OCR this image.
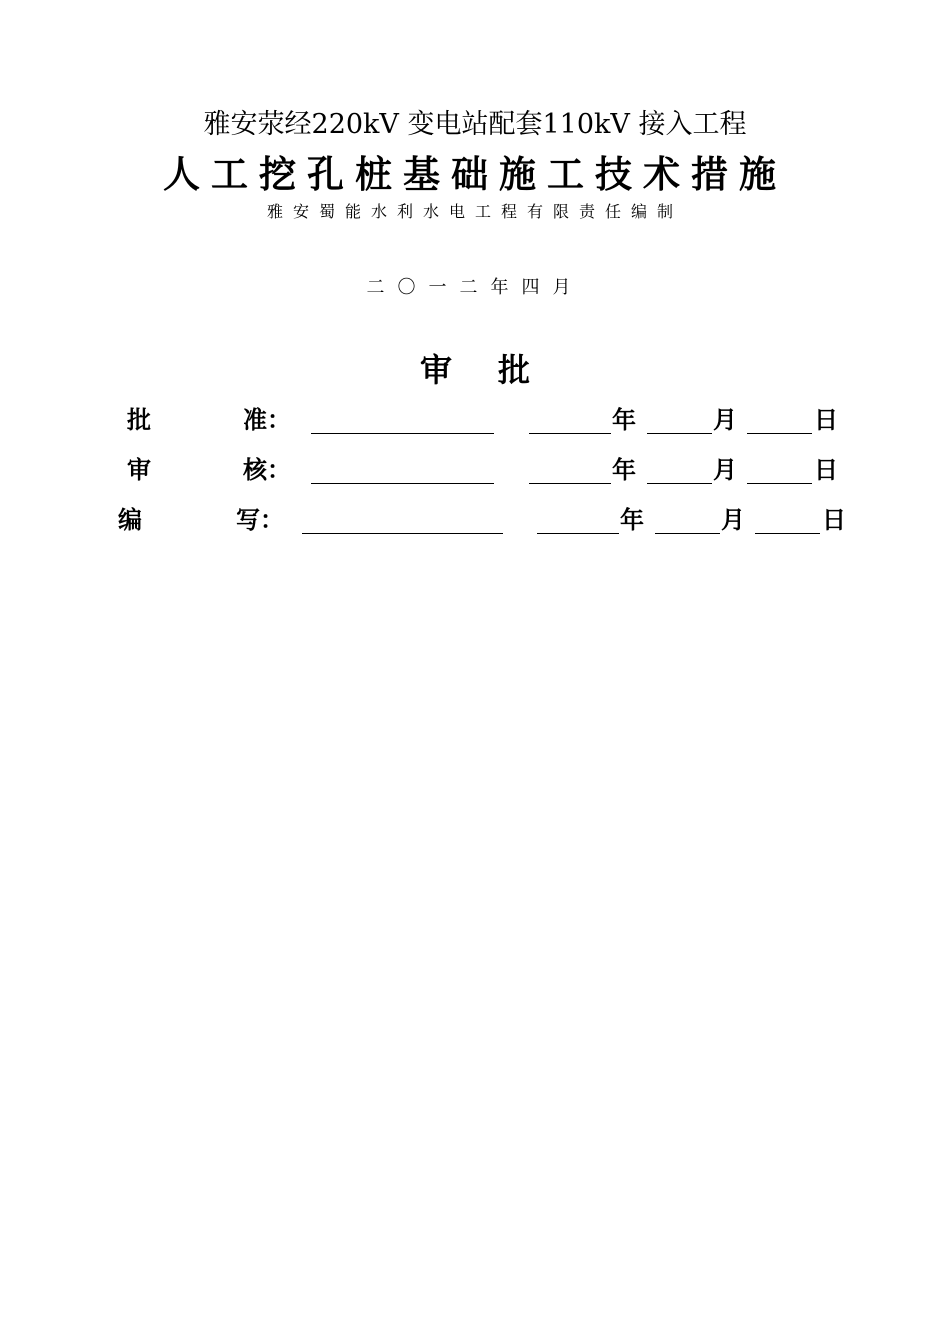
雅安荥经220kV 变电站配套110kV 接入工程
人工挖孔桩基础施工技术措施
雅安蜀能水利水电工程有限责任编制
二〇一二年四月
审批
批	准：	年	月	日
审	核：	年	月	日
编	写：	年	月	日
